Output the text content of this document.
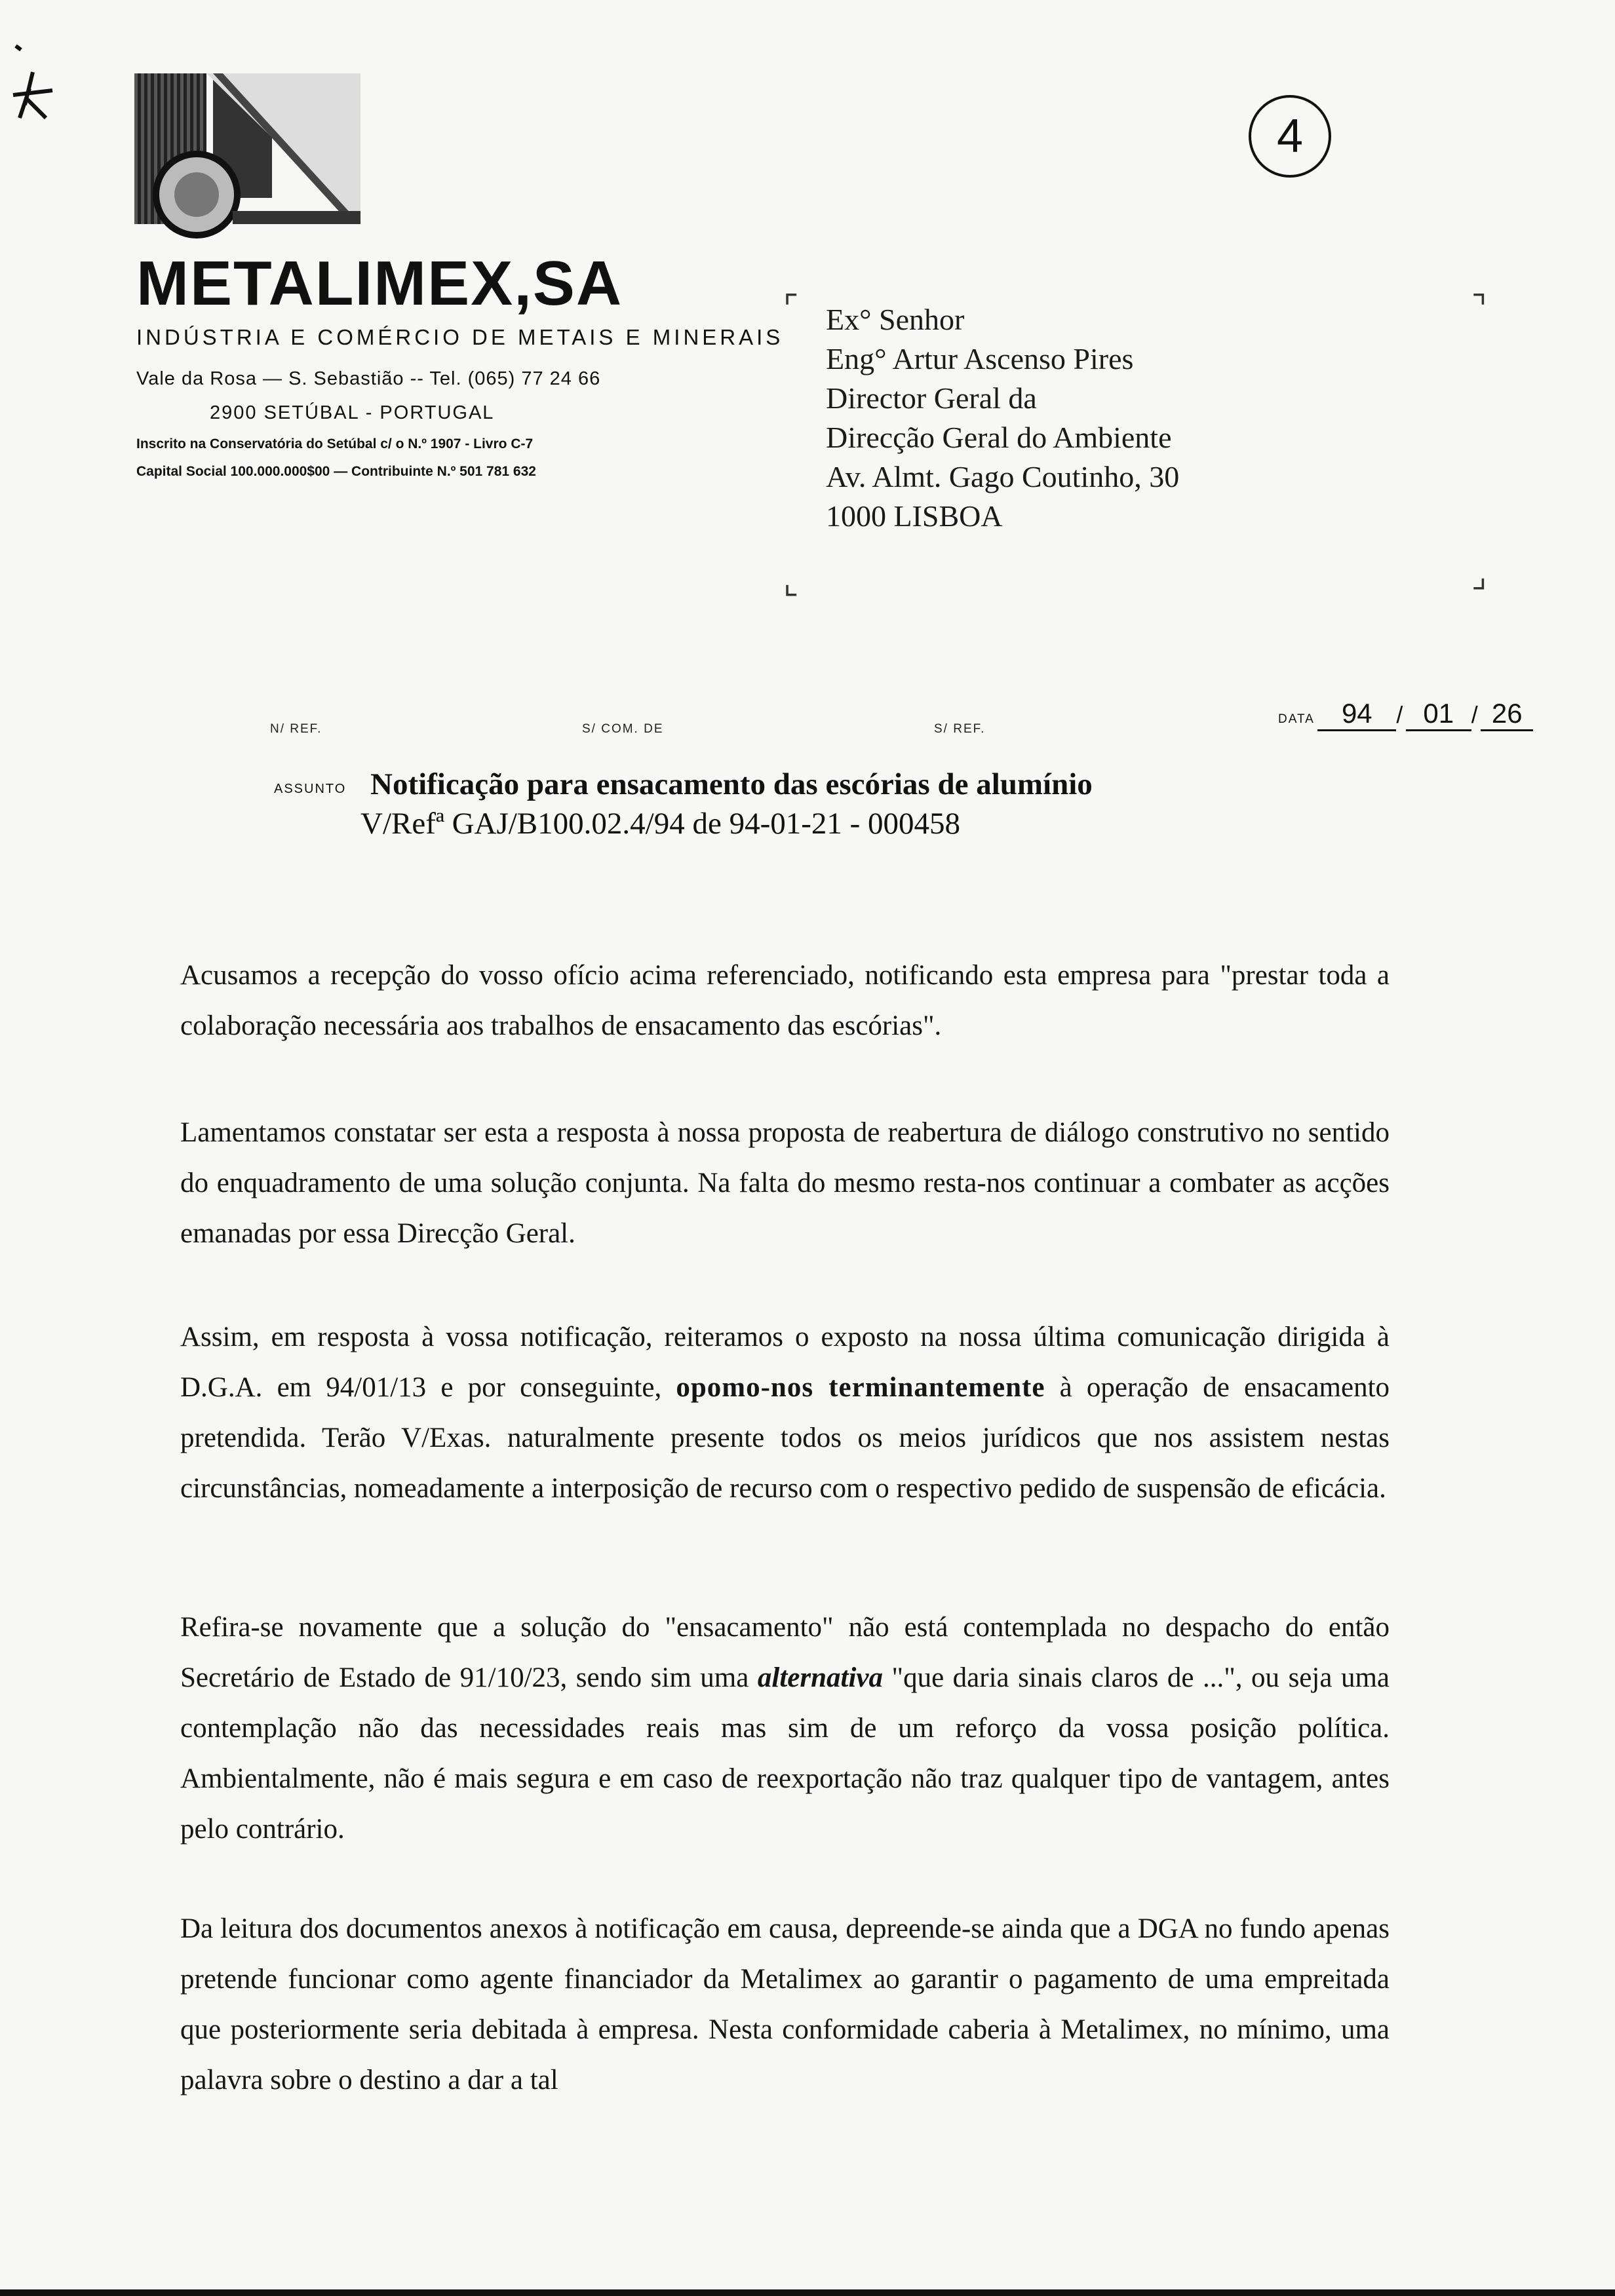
METALIMEX,SA
INDÚSTRIA E COMÉRCIO DE METAIS E MINERAIS
Vale da Rosa — S. Sebastião -- Tel. (065) 77 24 66
2900 SETÚBAL - PORTUGAL
Inscrito na Conservatória do Setúbal c/ o N.º 1907 - Livro C-7
Capital Social 100.000.000$00 — Contribuinte N.º 501 781 632
4
⌜	⌝
⌞	⌟
Ex° Senhor
Eng° Artur Ascenso Pires
Director Geral da
Direcção Geral do Ambiente
Av. Almt. Gago Coutinho, 30
1000 LISBOA
N/ REF.	S/ COM. DE	S/ REF.
DATA 94 / 01 / 26
ASSUNTO Notificação para ensacamento das escórias de alumínio
V/Refª GAJ/B100.02.4/94 de 94-01-21 - 000458

Acusamos a recepção do vosso ofício acima referenciado, notificando esta empresa para "prestar toda a colaboração necessária aos trabalhos de ensacamento das escórias".

Lamentamos constatar ser esta a resposta à nossa proposta de reabertura de diálogo construtivo no sentido do enquadramento de uma solução conjunta. Na falta do mesmo resta-nos continuar a combater as acções emanadas por essa Direcção Geral.

Assim, em resposta à vossa notificação, reiteramos o exposto na nossa última comunicação dirigida à D.G.A. em 94/01/13 e por conseguinte, opomo-nos terminantemente à operação de ensacamento pretendida. Terão V/Exas. naturalmente presente todos os meios jurídicos que nos assistem nestas circunstâncias, nomeadamente a interposição de recurso com o respectivo pedido de suspensão de eficácia.

Refira-se novamente que a solução do "ensacamento" não está contemplada no despacho do então Secretário de Estado de 91/10/23, sendo sim uma alternativa "que daria sinais claros de ...", ou seja uma contemplação não das necessidades reais mas sim de um reforço da vossa posição política. Ambientalmente, não é mais segura e em caso de reexportação não traz qualquer tipo de vantagem, antes pelo contrário.

Da leitura dos documentos anexos à notificação em causa, depreende-se ainda que a DGA no fundo apenas pretende funcionar como agente financiador da Metalimex ao garantir o pagamento de uma empreitada que posteriormente seria debitada à empresa. Nesta conformidade caberia à Metalimex, no mínimo, uma palavra sobre o destino a dar a tal
